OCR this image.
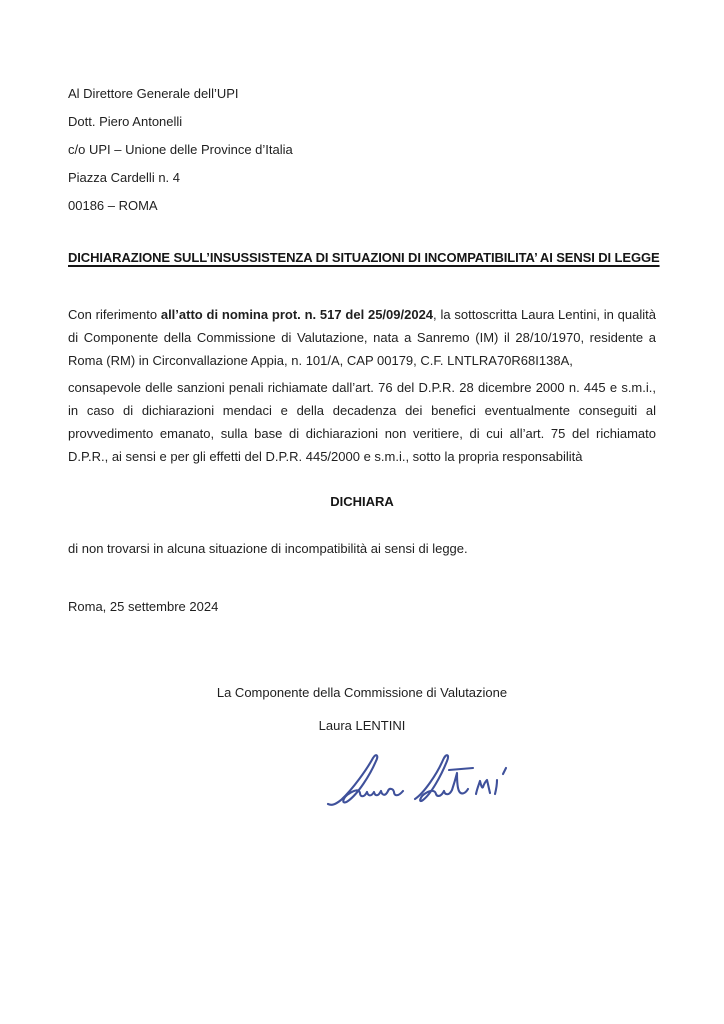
Al Direttore Generale dell’UPI
Dott. Piero Antonelli
c/o UPI – Unione delle Province d’Italia
Piazza Cardelli n. 4
00186 – ROMA
DICHIARAZIONE SULL’INSUSSISTENZA DI SITUAZIONI DI INCOMPATIBILITA’ AI SENSI DI LEGGE

Con riferimento all’atto di nomina prot. n. 517 del 25/09/2024, la sottoscritta Laura Lentini, in qualità di Componente della Commissione di Valutazione, nata a Sanremo (IM) il 28/10/1970, residente a Roma (RM) in Circonvallazione Appia, n. 101/A, CAP 00179, C.F. LNTLRA70R68I138A,

consapevole delle sanzioni penali richiamate dall’art. 76 del D.P.R. 28 dicembre 2000 n. 445 e s.m.i., in caso di dichiarazioni mendaci e della decadenza dei benefici eventualmente conseguiti al provvedimento emanato, sulla base di dichiarazioni non veritiere, di cui all’art. 75 del richiamato D.P.R., ai sensi e per gli effetti del D.P.R. 445/2000 e s.m.i., sotto la propria responsabilità

DICHIARA
di non trovarsi in alcuna situazione di incompatibilità ai sensi di legge.
Roma, 25 settembre 2024
La Componente della Commissione di Valutazione
Laura LENTINI
